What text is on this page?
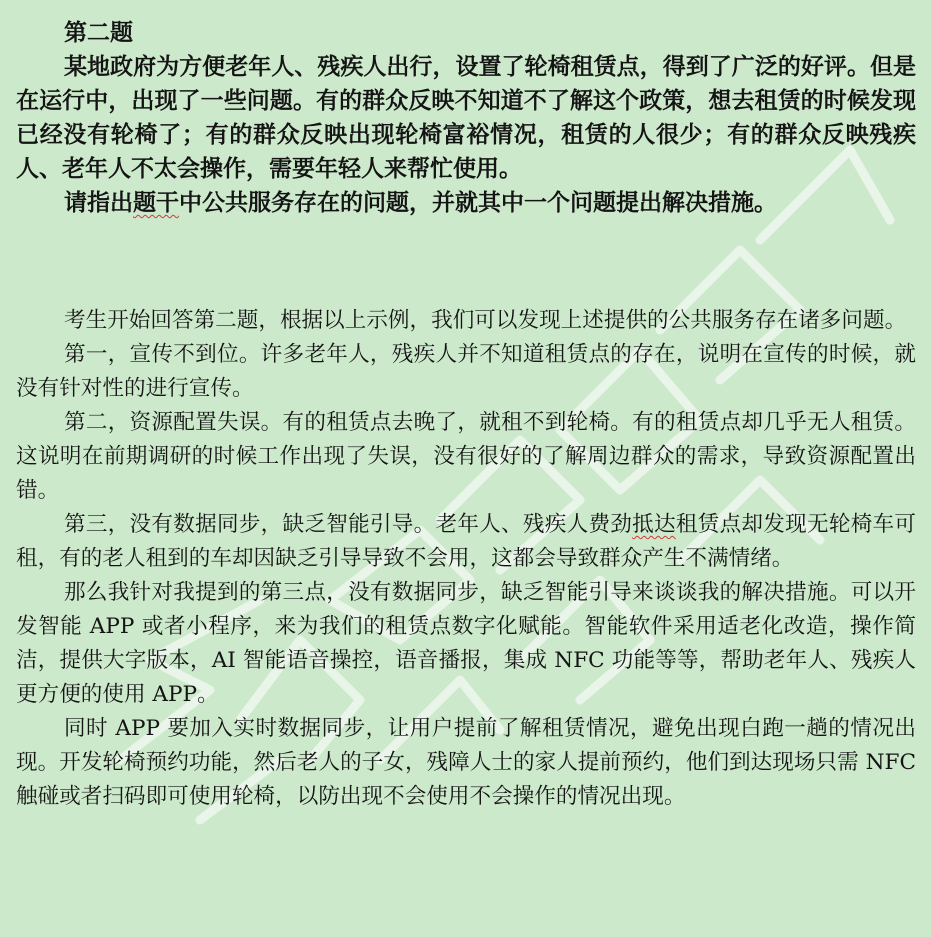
第二题

某地政府为方便老年人、残疾人出行，设置了轮椅租赁点，得到了广泛的好评。但是在运行中，出现了一些问题。有的群众反映不知道不了解这个政策，想去租赁的时候发现已经没有轮椅了；有的群众反映出现轮椅富裕情况，租赁的人很少；有的群众反映残疾人、老年人不太会操作，需要年轻人来帮忙使用。

请指出题干中公共服务存在的问题，并就其中一个问题提出解决措施。

考生开始回答第二题，根据以上示例，我们可以发现上述提供的公共服务存在诸多问题。

第一，宣传不到位。许多老年人，残疾人并不知道租赁点的存在，说明在宣传的时候，就没有针对性的进行宣传。

第二，资源配置失误。有的租赁点去晚了，就租不到轮椅。有的租赁点却几乎无人租赁。这说明在前期调研的时候工作出现了失误，没有很好的了解周边群众的需求，导致资源配置出错。

第三，没有数据同步，缺乏智能引导。老年人、残疾人费劲抵达租赁点却发现无轮椅车可租，有的老人租到的车却因缺乏引导导致不会用，这都会导致群众产生不满情绪。

那么我针对我提到的第三点，没有数据同步，缺乏智能引导来谈谈我的解决措施。可以开发智能 APP 或者小程序，来为我们的租赁点数字化赋能。智能软件采用适老化改造，操作简洁，提供大字版本，AI 智能语音操控，语音播报，集成 NFC 功能等等，帮助老年人、残疾人更方便的使用 APP。

同时 APP 要加入实时数据同步，让用户提前了解租赁情况，避免出现白跑一趟的情况出现。开发轮椅预约功能，然后老人的子女，残障人士的家人提前预约，他们到达现场只需 NFC 触碰或者扫码即可使用轮椅，以防出现不会使用不会操作的情况出现。
